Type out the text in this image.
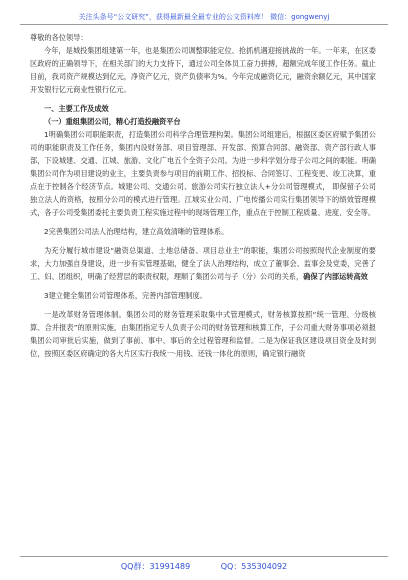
关注头条号“公文研究”，获得最新最全最专业的公文资料库！ 微信：gongwenyj

尊敬的各位领导：

今年，是城投集团组建第一年，也是集团公司调整职能定位、抢抓机遇迎接挑战的一年。一年来，在区委区政府的正确领导下，在相关部门的大力支持下，通过公司全体员工奋力拼搏，超额完成年度工作任务。截止目前，我司资产规模达到亿元，净资产亿元，资产负债率为%。今年完成融资亿元，融资余额亿元，其中国家开发银行亿元商业性银行亿元。

一、主要工作及成效

（一）重组集团公司，精心打造投融资平台

1明确集团公司职能职责，打造集团公司科学合理管理构架。集团公司组建后，根据区委区府赋予集团公司的职能职责及工作任务，集团内设财务部、项目管理部、开发部、预算合同部、融资部、资产部行政人事部，下设城建、交通、江城、旅游、文化广电五个全资子公司。为进一步科学划分母子公司之间的职能。明确集团公司作为项目建设的业主，主要负责参与项目的前期工作、招投标、合同签订、工程变更、竣工决算，重点在于控制各个经济节点。城建公司、交通公司、旅游公司实行独立法人+分公司管理模式， 即保留子公司独立法人的资格，按照分公司的模式进行管理。江城实业公司、广电传播公司实行集团领导下的绩效管理模式，各子公司受集团委托主要负责工程实施过程中的现场管理工作，重点在于控制工程质量、进度、安全等。

2完善集团公司法人治理结构，建立高效清晰的管理体系。

为充分履行城市建设“融资总渠道、土地总储备、项目总业主”的职能，集团公司按照现代企业制度的要求，大力加强自身建设，进一步有实管理基础，健全了法人治理结构，成立了董事会、监事会及党委，完善了工、妇、团组织，明确了经营层的职责权限，理顺了集团公司与子（分）公司的关系，确保了内部运转高效

3建立健全集团公司管理体系，完善内部管理制度。

一是改革财务管理体制。集团公司的财务管理采取集中式管理模式，财务核算按照“统一管理、分级核算、合并报表”的原则实施，由集团指定专人负责子公司的财务管理和核算工作，子公司重大财务事项必须报集团公司审批后实施，做到了事前、事中、事后的全过程管理和监督。二是为保证我区建设项目资金及时到位，按照区委区府确定的各大片区实行我统一·用钱、还钱一体化的原则，确定银行融资

QQ群：31991489	QQ：535304092
